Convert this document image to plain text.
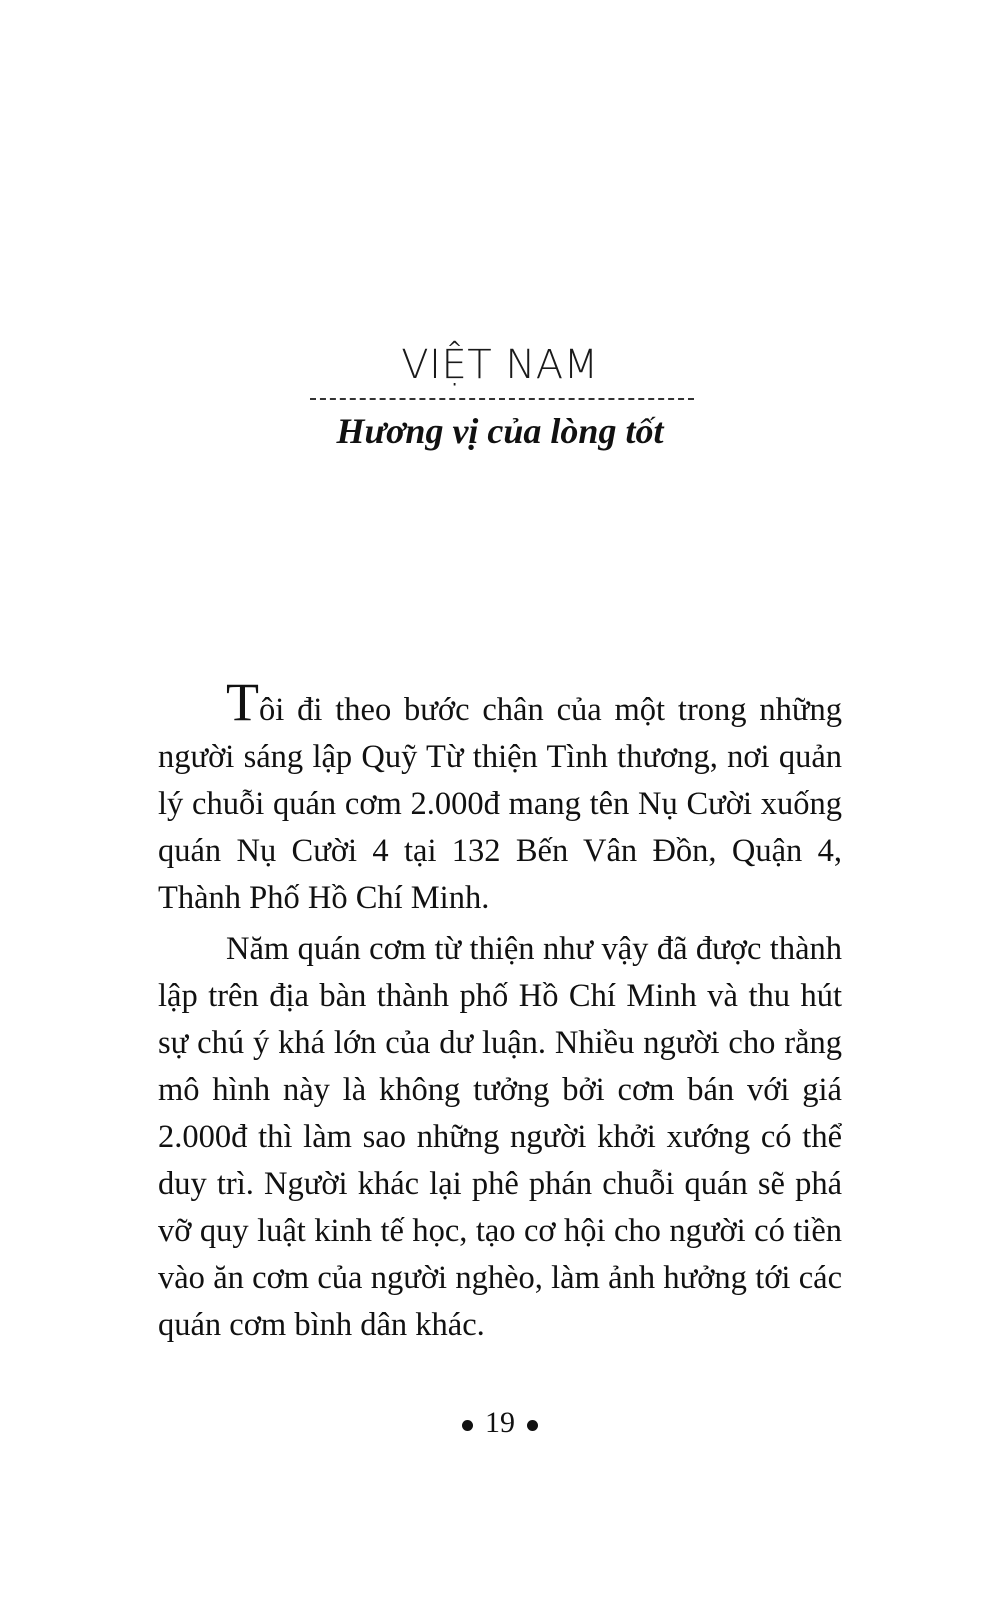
VIỆT NAM
Hương vị của lòng tốt

Tôi đi theo bước chân của một trong những người sáng lập Quỹ Từ thiện Tình thương, nơi quản lý chuỗi quán cơm 2.000đ mang tên Nụ Cười xuống quán Nụ Cười 4 tại 132 Bến Vân Đồn, Quận 4, Thành Phố Hồ Chí Minh.

Năm quán cơm từ thiện như vậy đã được thành lập trên địa bàn thành phố Hồ Chí Minh và thu hút sự chú ý khá lớn của dư luận. Nhiều người cho rằng mô hình này là không tưởng bởi cơm bán với giá 2.000đ thì làm sao những người khởi xướng có thể duy trì. Người khác lại phê phán chuỗi quán sẽ phá vỡ quy luật kinh tế học, tạo cơ hội cho người có tiền vào ăn cơm của người nghèo, làm ảnh hưởng tới các quán cơm bình dân khác.

19
